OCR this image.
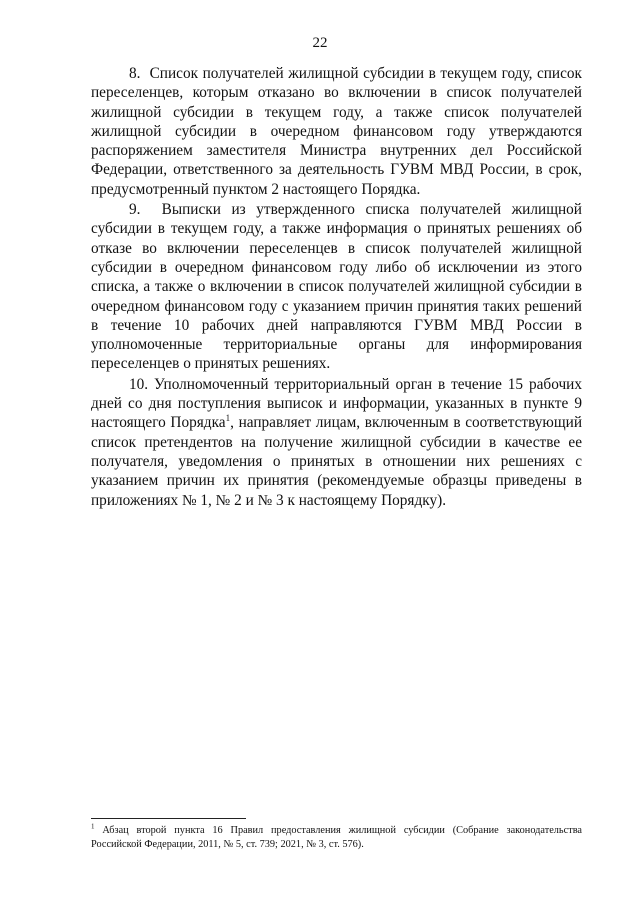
22

8.  Список получателей жилищной субсидии в текущем году, список переселенцев, которым отказано во включении в список получателей жилищной субсидии в текущем году, а также список получателей жилищной субсидии в очередном финансовом году утверждаются распоряжением заместителя Министра внутренних дел Российской Федерации, ответственного за деятельность ГУВМ МВД России, в срок, предусмотренный пунктом 2 настоящего Порядка.

9.  Выписки из утвержденного списка получателей жилищной субсидии в текущем году, а также информация о принятых решениях об отказе во включении переселенцев в список получателей жилищной субсидии в очередном финансовом году либо об исключении из этого списка, а также о включении в список получателей жилищной субсидии в очередном финансовом году с указанием причин принятия таких решений в течение 10 рабочих дней направляются ГУВМ МВД России в уполномоченные территориальные органы для информирования переселенцев о принятых решениях.

10. Уполномоченный территориальный орган в течение 15 рабочих дней со дня поступления выписок и информации, указанных в пункте 9 настоящего Порядка$^1$, направляет лицам, включенным в соответствующий список претендентов на получение жилищной субсидии в качестве ее получателя, уведомления о принятых в отношении них решениях с указанием причин их принятия (рекомендуемые образцы приведены в приложениях № 1, № 2 и № 3 к настоящему Порядку).

$^1$ Абзац второй пункта 16 Правил предоставления жилищной субсидии (Собрание законодательства Российской Федерации, 2011, № 5, ст. 739; 2021, № 3, ст. 576).
